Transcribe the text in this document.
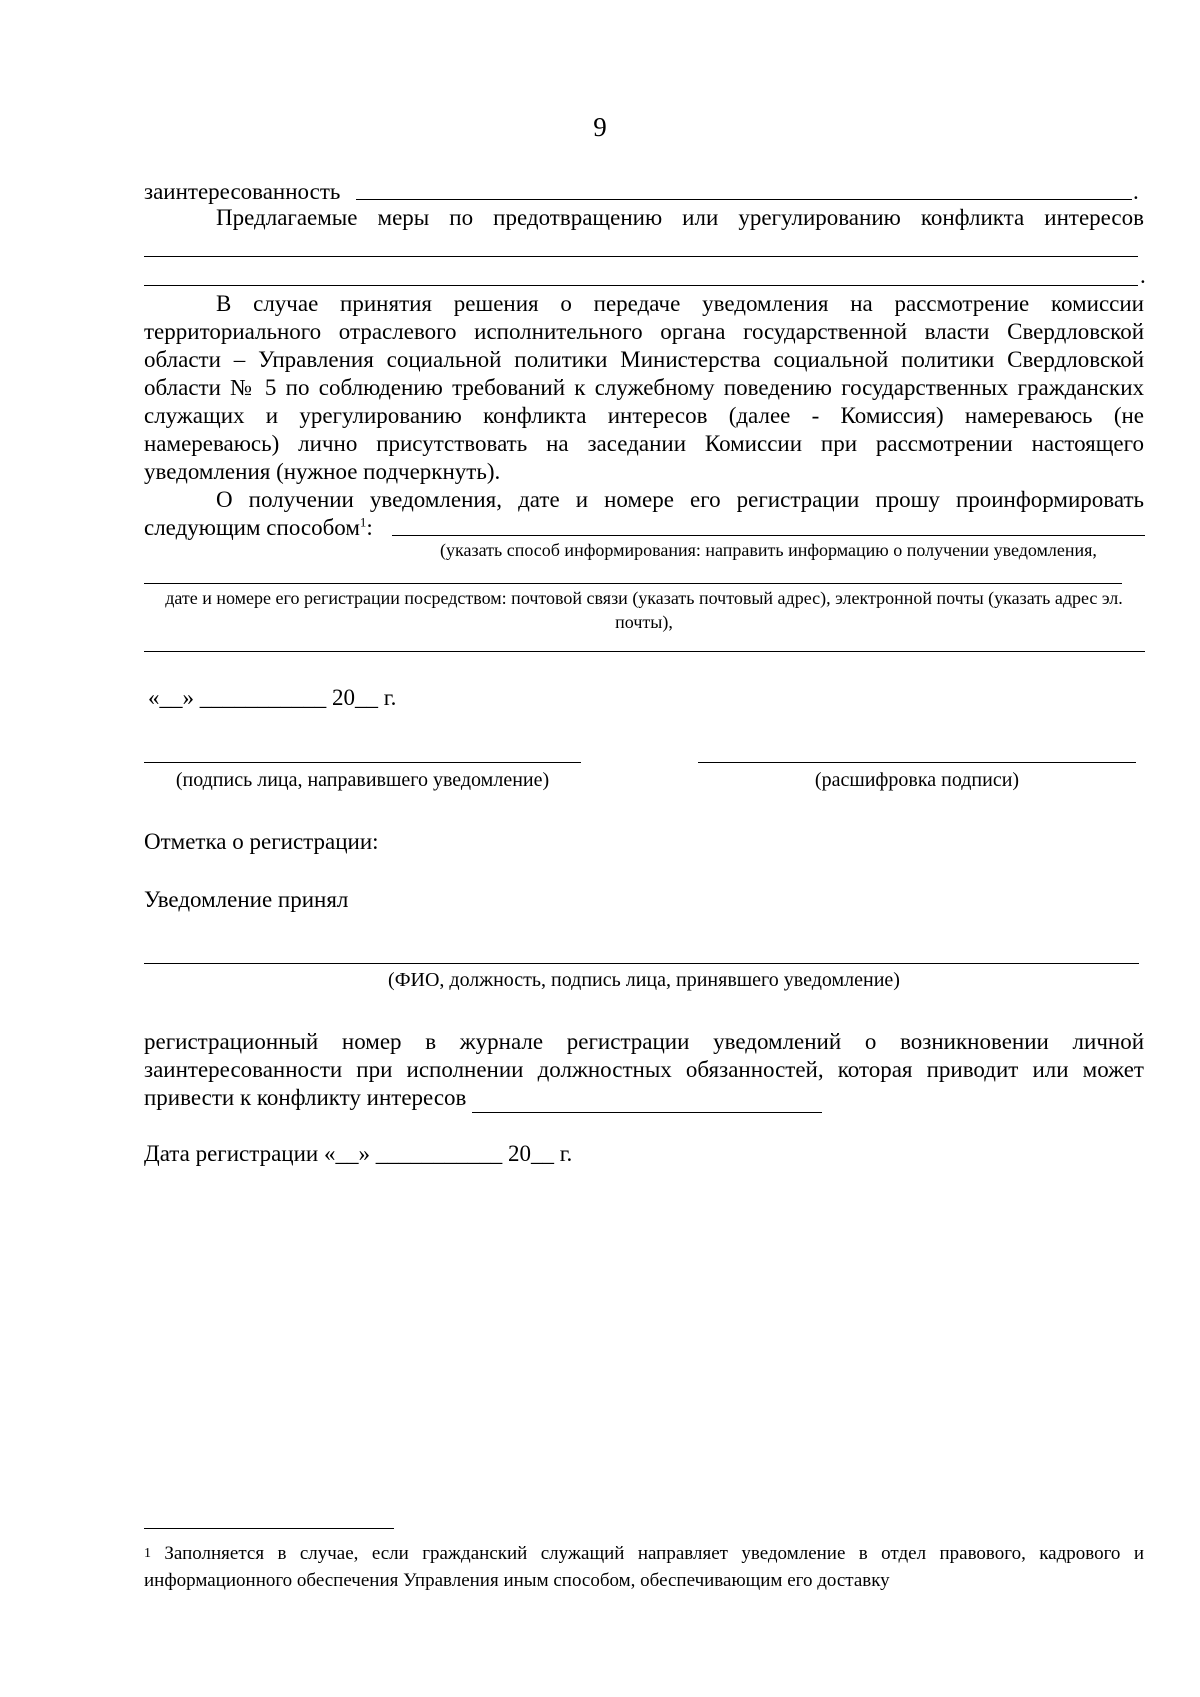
9
заинтересованность	.
Предлагаемые меры по предотвращению или урегулированию конфликта интересов
.
В случае принятия решения о передаче уведомления на рассмотрение комиссии территориального отраслевого исполнительного органа государственной власти Свердловской области – Управления социальной политики Министерства социальной политики Свердловской области № 5 по соблюдению требований к служебному поведению государственных гражданских служащих и урегулированию конфликта интересов (далее - Комиссия) намереваюсь (не намереваюсь) лично присутствовать на заседании Комиссии при рассмотрении настоящего уведомления (нужное подчеркнуть).
О получении уведомления, дате и номере его регистрации прошу проинформировать следующим способом$^1$:
(указать способ информирования: направить информацию о получении уведомления,
дате и номере его регистрации посредством: почтовой связи (указать почтовый адрес), электронной почты (указать адрес эл. почты),
«__» ___________ 20__ г.
(подпись лица, направившего уведомление)	(расшифровка подписи)
Отметка о регистрации:
Уведомление принял
(ФИО, должность, подпись лица, принявшего уведомление)
регистрационный номер в журнале регистрации уведомлений о возникновении личной заинтересованности при исполнении должностных обязанностей, которая приводит или может привести к конфликту интересов
Дата регистрации «__» ___________ 20__ г.
1 Заполняется в случае, если гражданский служащий направляет уведомление в отдел правового, кадрового и информационного обеспечения Управления иным способом, обеспечивающим его доставку
